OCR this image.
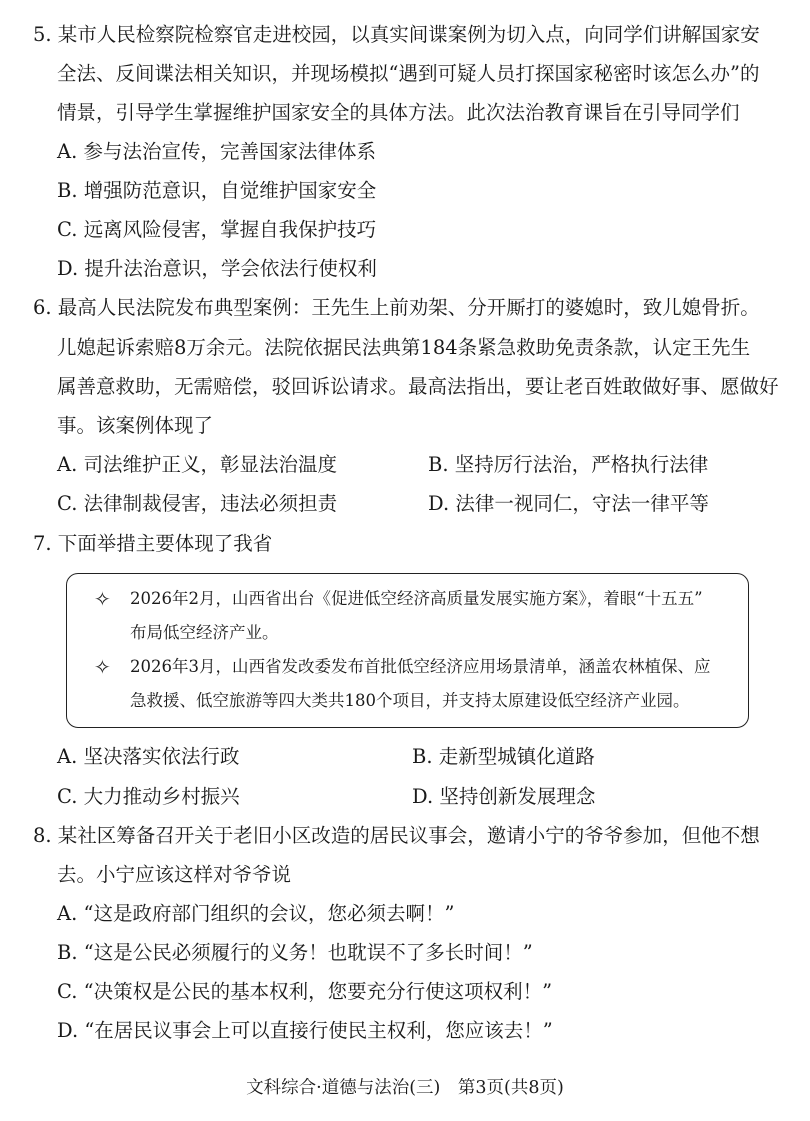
5. 某市人民检察院检察官走进校园，以真实间谍案例为切入点，向同学们讲解国家安
全法、反间谍法相关知识，并现场模拟“遇到可疑人员打探国家秘密时该怎么办”的
情景，引导学生掌握维护国家安全的具体方法。此次法治教育课旨在引导同学们
A. 参与法治宣传，完善国家法律体系
B. 增强防范意识，自觉维护国家安全
C. 远离风险侵害，掌握自我保护技巧
D. 提升法治意识，学会依法行使权利
6. 最高人民法院发布典型案例：王先生上前劝架、分开厮打的婆媳时，致儿媳骨折。
儿媳起诉索赔8万余元。法院依据民法典第184条紧急救助免责条款，认定王先生
属善意救助，无需赔偿，驳回诉讼请求。最高法指出，要让老百姓敢做好事、愿做好
事。该案例体现了
A. 司法维护正义，彰显法治温度	B. 坚持厉行法治，严格执行法律
C. 法律制裁侵害，违法必须担责	D. 法律一视同仁，守法一律平等
7. 下面举措主要体现了我省
✧ 2026年2月，山西省出台《促进低空经济高质量发展实施方案》，着眼“十五五”
布局低空经济产业。
✧ 2026年3月，山西省发改委发布首批低空经济应用场景清单，涵盖农林植保、应
急救援、低空旅游等四大类共180个项目，并支持太原建设低空经济产业园。
A. 坚决落实依法行政	B. 走新型城镇化道路
C. 大力推动乡村振兴	D. 坚持创新发展理念
8. 某社区筹备召开关于老旧小区改造的居民议事会，邀请小宁的爷爷参加，但他不想
去。小宁应该这样对爷爷说
A. “这是政府部门组织的会议，您必须去啊！”
B. “这是公民必须履行的义务！也耽误不了多长时间！”
C. “决策权是公民的基本权利，您要充分行使这项权利！”
D. “在居民议事会上可以直接行使民主权利，您应该去！”
文科综合·道德与法治(三)　第3页(共8页)
